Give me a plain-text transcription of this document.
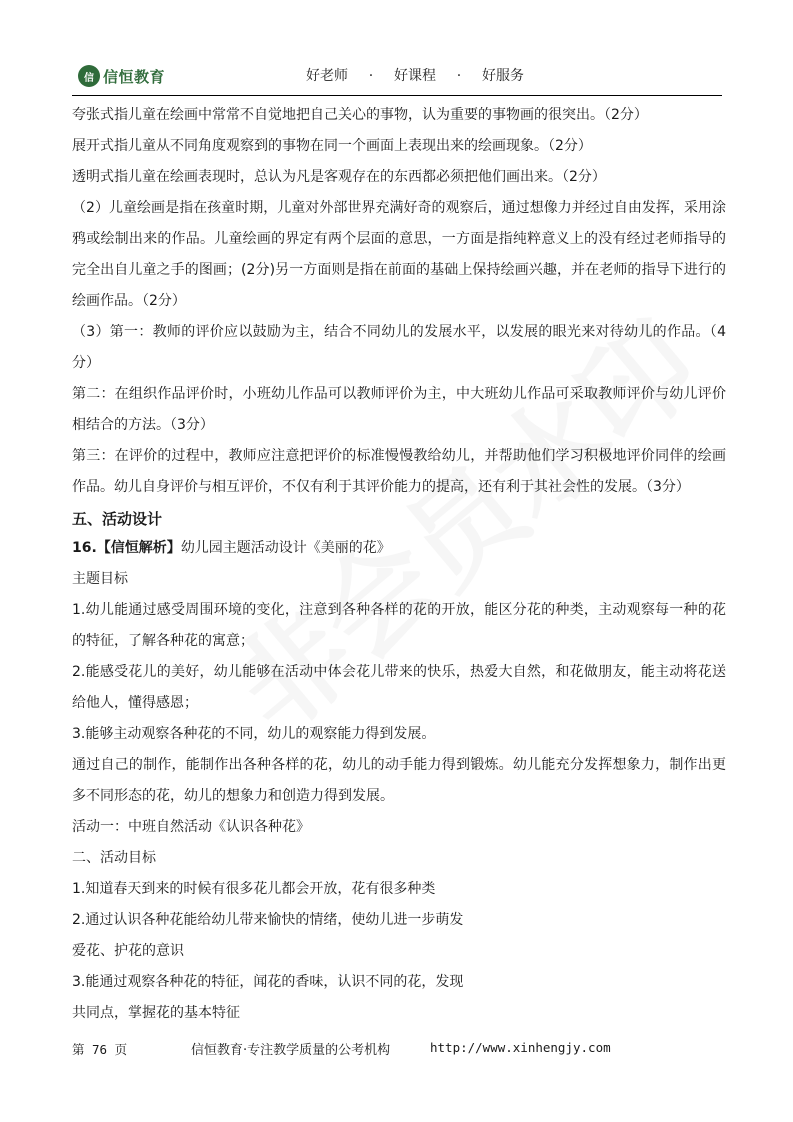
信 信恒教育	好老师 · 好课程 · 好服务
夸张式指儿童在绘画中常常不自觉地把自己关心的事物，认为重要的事物画的很突出。（2分）
展开式指儿童从不同角度观察到的事物在同一个画面上表现出来的绘画现象。（2分）
透明式指儿童在绘画表现时，总认为凡是客观存在的东西都必须把他们画出来。（2分）
（2）儿童绘画是指在孩童时期，儿童对外部世界充满好奇的观察后，通过想像力并经过自由发挥，采用涂
鸦或绘制出来的作品。儿童绘画的界定有两个层面的意思，一方面是指纯粹意义上的没有经过老师指导的
完全出自儿童之手的图画；(2分)另一方面则是指在前面的基础上保持绘画兴趣，并在老师的指导下进行的
绘画作品。（2分）
（3）第一：教师的评价应以鼓励为主，结合不同幼儿的发展水平，以发展的眼光来对待幼儿的作品。（4
分）
第二：在组织作品评价时，小班幼儿作品可以教师评价为主，中大班幼儿作品可采取教师评价与幼儿评价
相结合的方法。（3分）
第三：在评价的过程中，教师应注意把评价的标准慢慢教给幼儿，并帮助他们学习积极地评价同伴的绘画
作品。幼儿自身评价与相互评价，不仅有利于其评价能力的提高，还有利于其社会性的发展。（3分）
五、活动设计
16.【信恒解析】幼儿园主题活动设计《美丽的花》
主题目标
1.幼儿能通过感受周围环境的变化，注意到各种各样的花的开放，能区分花的种类，主动观察每一种的花
的特征，了解各种花的寓意；
2.能感受花儿的美好，幼儿能够在活动中体会花儿带来的快乐，热爱大自然，和花做朋友，能主动将花送
给他人，懂得感恩；
3.能够主动观察各种花的不同，幼儿的观察能力得到发展。
通过自己的制作，能制作出各种各样的花，幼儿的动手能力得到锻炼。幼儿能充分发挥想象力，制作出更
多不同形态的花，幼儿的想象力和创造力得到发展。
活动一：中班自然活动《认识各种花》
二、活动目标
1.知道春天到来的时候有很多花儿都会开放，花有很多种类
2.通过认识各种花能给幼儿带来愉快的情绪，使幼儿进一步萌发
爱花、护花的意识
3.能通过观察各种花的特征，闻花的香味，认识不同的花，发现
共同点，掌握花的基本特征
第 76 页	信恒教育·专注教学质量的公考机构	http://www.xinhengjy.com
